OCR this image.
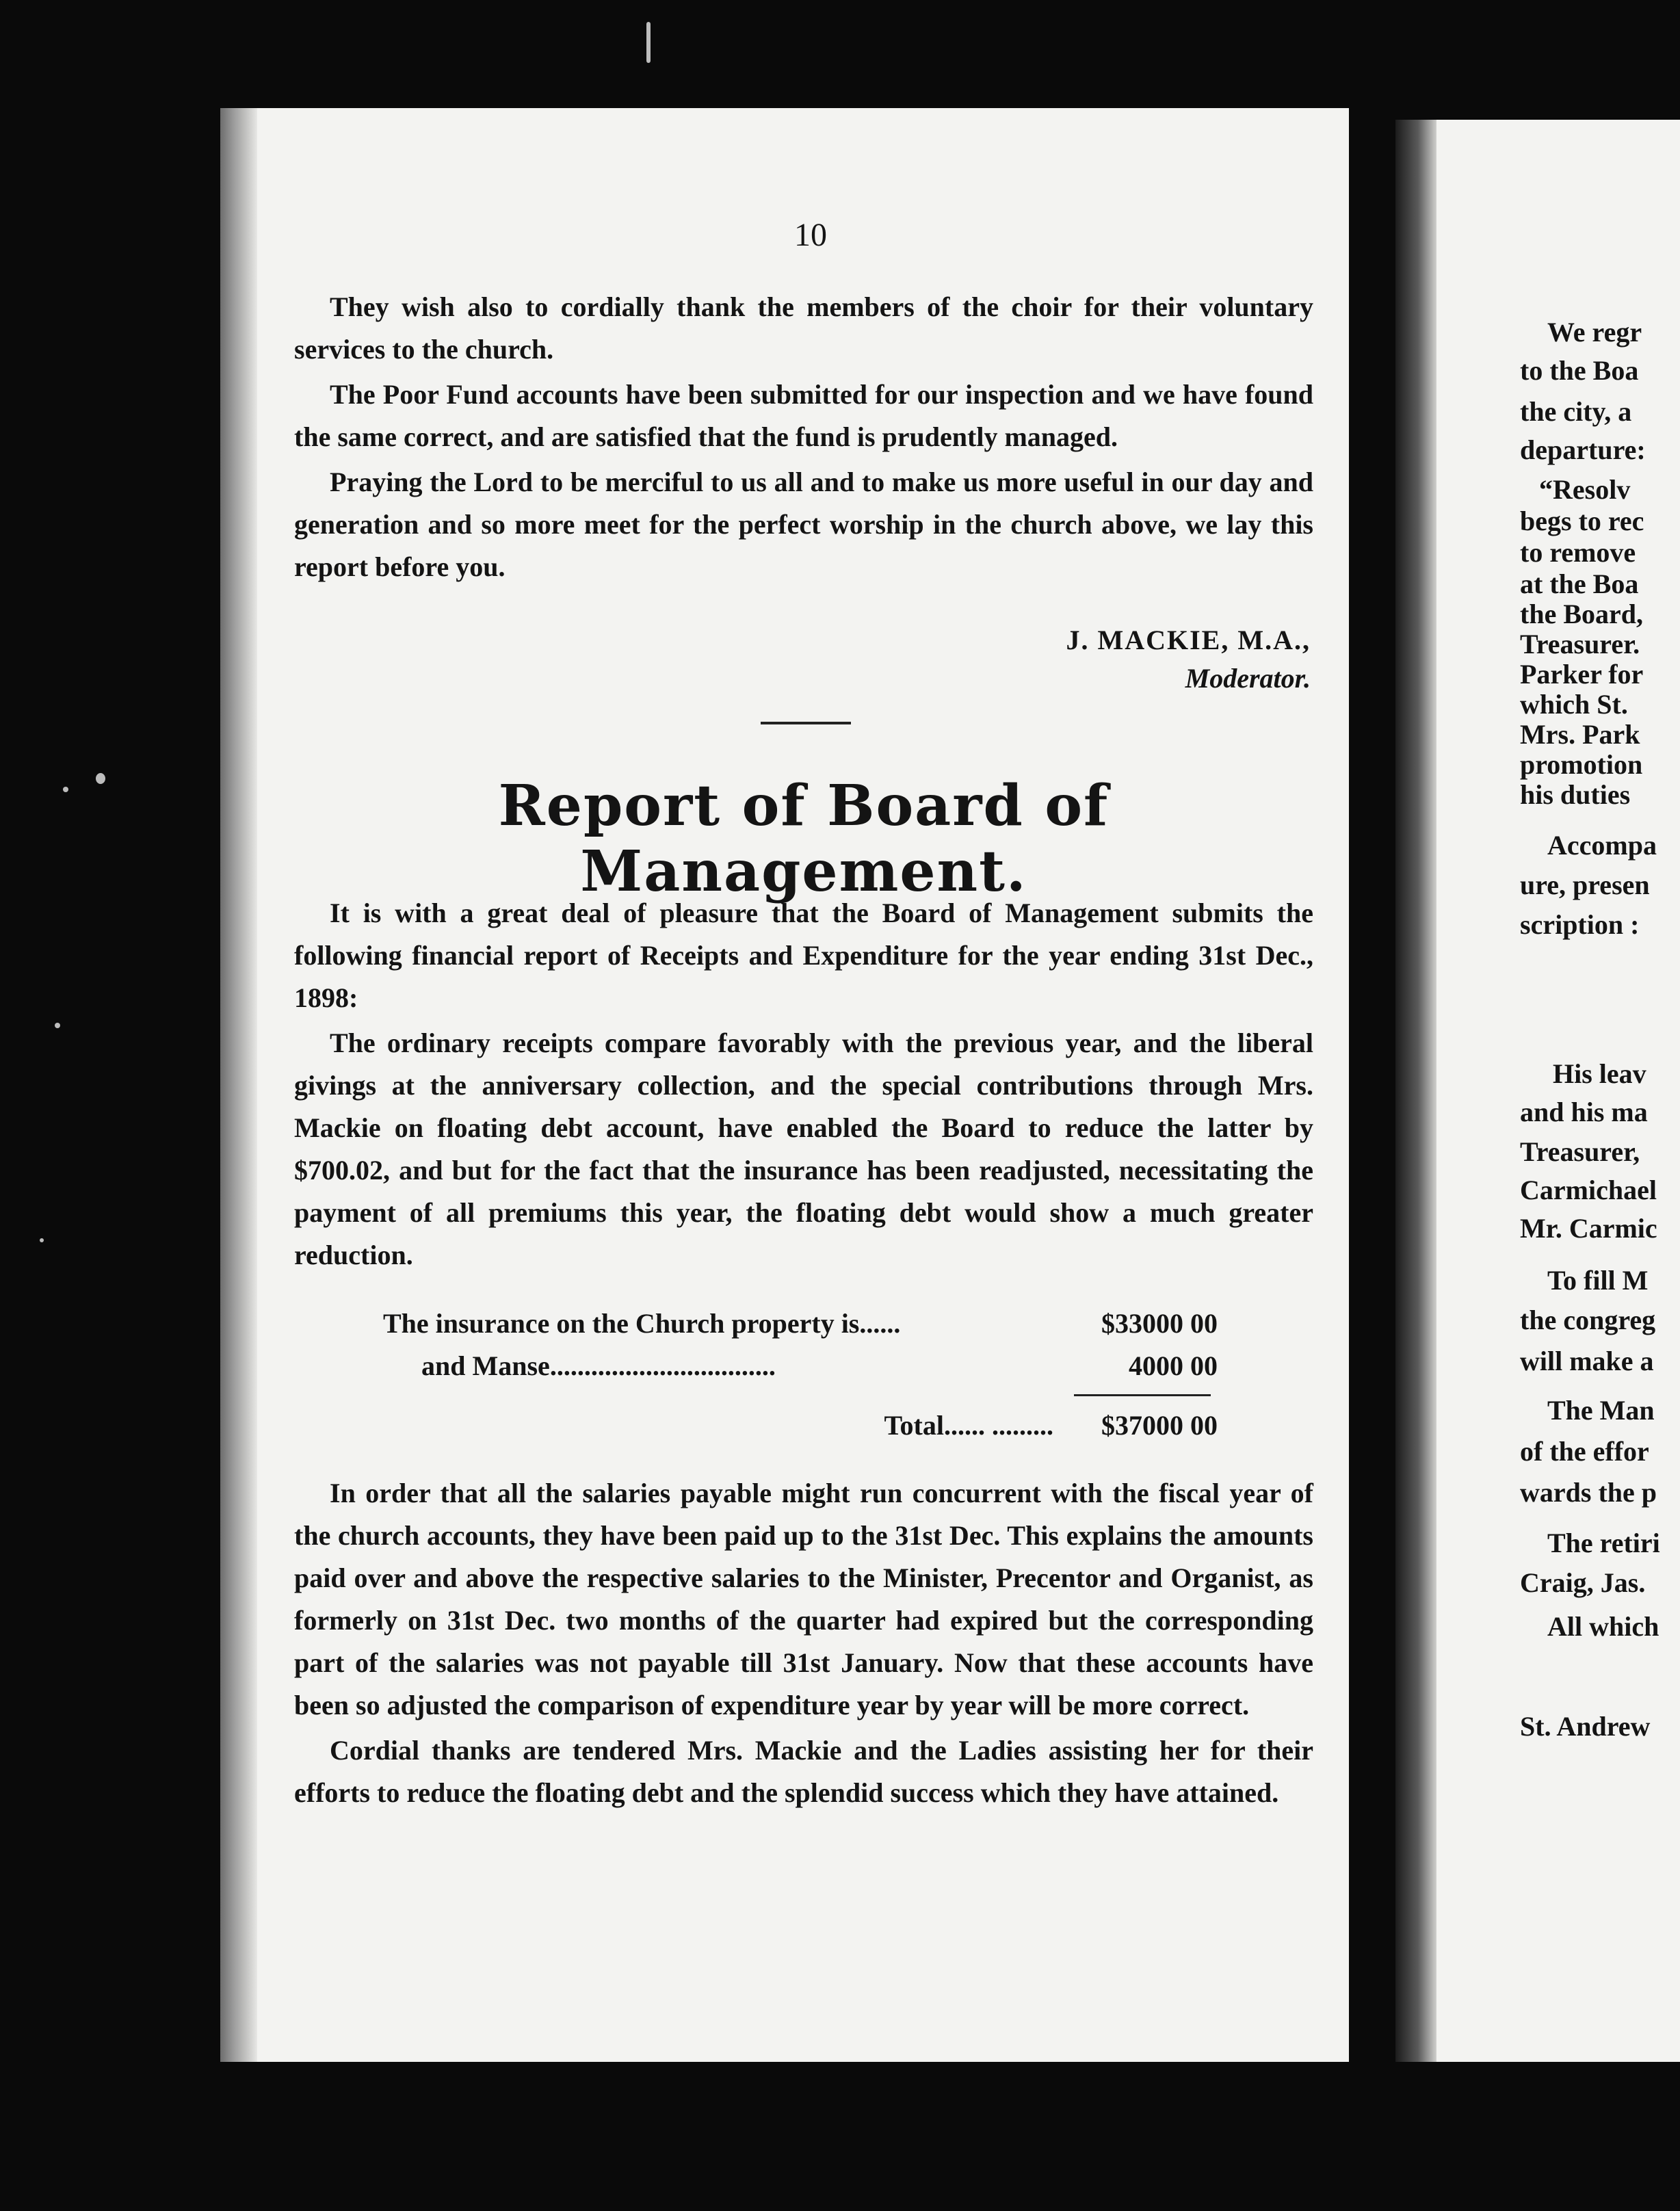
10

They wish also to cordially thank the members of the choir for their voluntary services to the church.

The Poor Fund accounts have been submitted for our inspection and we have found the same correct, and are satisfied that the fund is prudently managed.

Praying the Lord to be merciful to us all and to make us more useful in our day and generation and so more meet for the perfect worship in the church above, we lay this report before you.

J. MACKIE, M.A.,
Moderator.
Report of Board of Management.

It is with a great deal of pleasure that the Board of Management submits the following financial report of Receipts and Expenditure for the year ending 31st Dec., 1898:

The ordinary receipts compare favorably with the previous year, and the liberal givings at the anniversary collection, and the special contributions through Mrs. Mackie on floating debt account, have enabled the Board to reduce the latter by $700.02, and but for the fact that the insurance has been readjusted, necessitating the payment of all premiums this year, the floating debt would show a much greater reduction.

The insurance on the Church property is......	$33000 00
and Manse.................................	4000 00
Total...... .........	$37000 00

In order that all the salaries payable might run concurrent with the fiscal year of the church accounts, they have been paid up to the 31st Dec. This explains the amounts paid over and above the respective salaries to the Minister, Precentor and Organist, as formerly on 31st Dec. two months of the quarter had expired but the corresponding part of the salaries was not payable till 31st January. Now that these accounts have been so adjusted the comparison of expenditure year by year will be more correct.

Cordial thanks are tendered Mrs. Mackie and the Ladies assisting her for their efforts to reduce the floating debt and the splendid success which they have attained.

We regr
to the Boa
the city, a
departure:
“Resolv
begs to rec
to remove
at the Boa
the Board,
Treasurer.
Parker for
which St.
Mrs. Park
promotion
his duties
Accompa
ure, presen
scription :
His leav
and his ma
Treasurer,
Carmichael
Mr. Carmic
To fill M
the congreg
will make a
The Man
of the effor
wards the p
The retiri
Craig, Jas.
All which
St. Andrew
